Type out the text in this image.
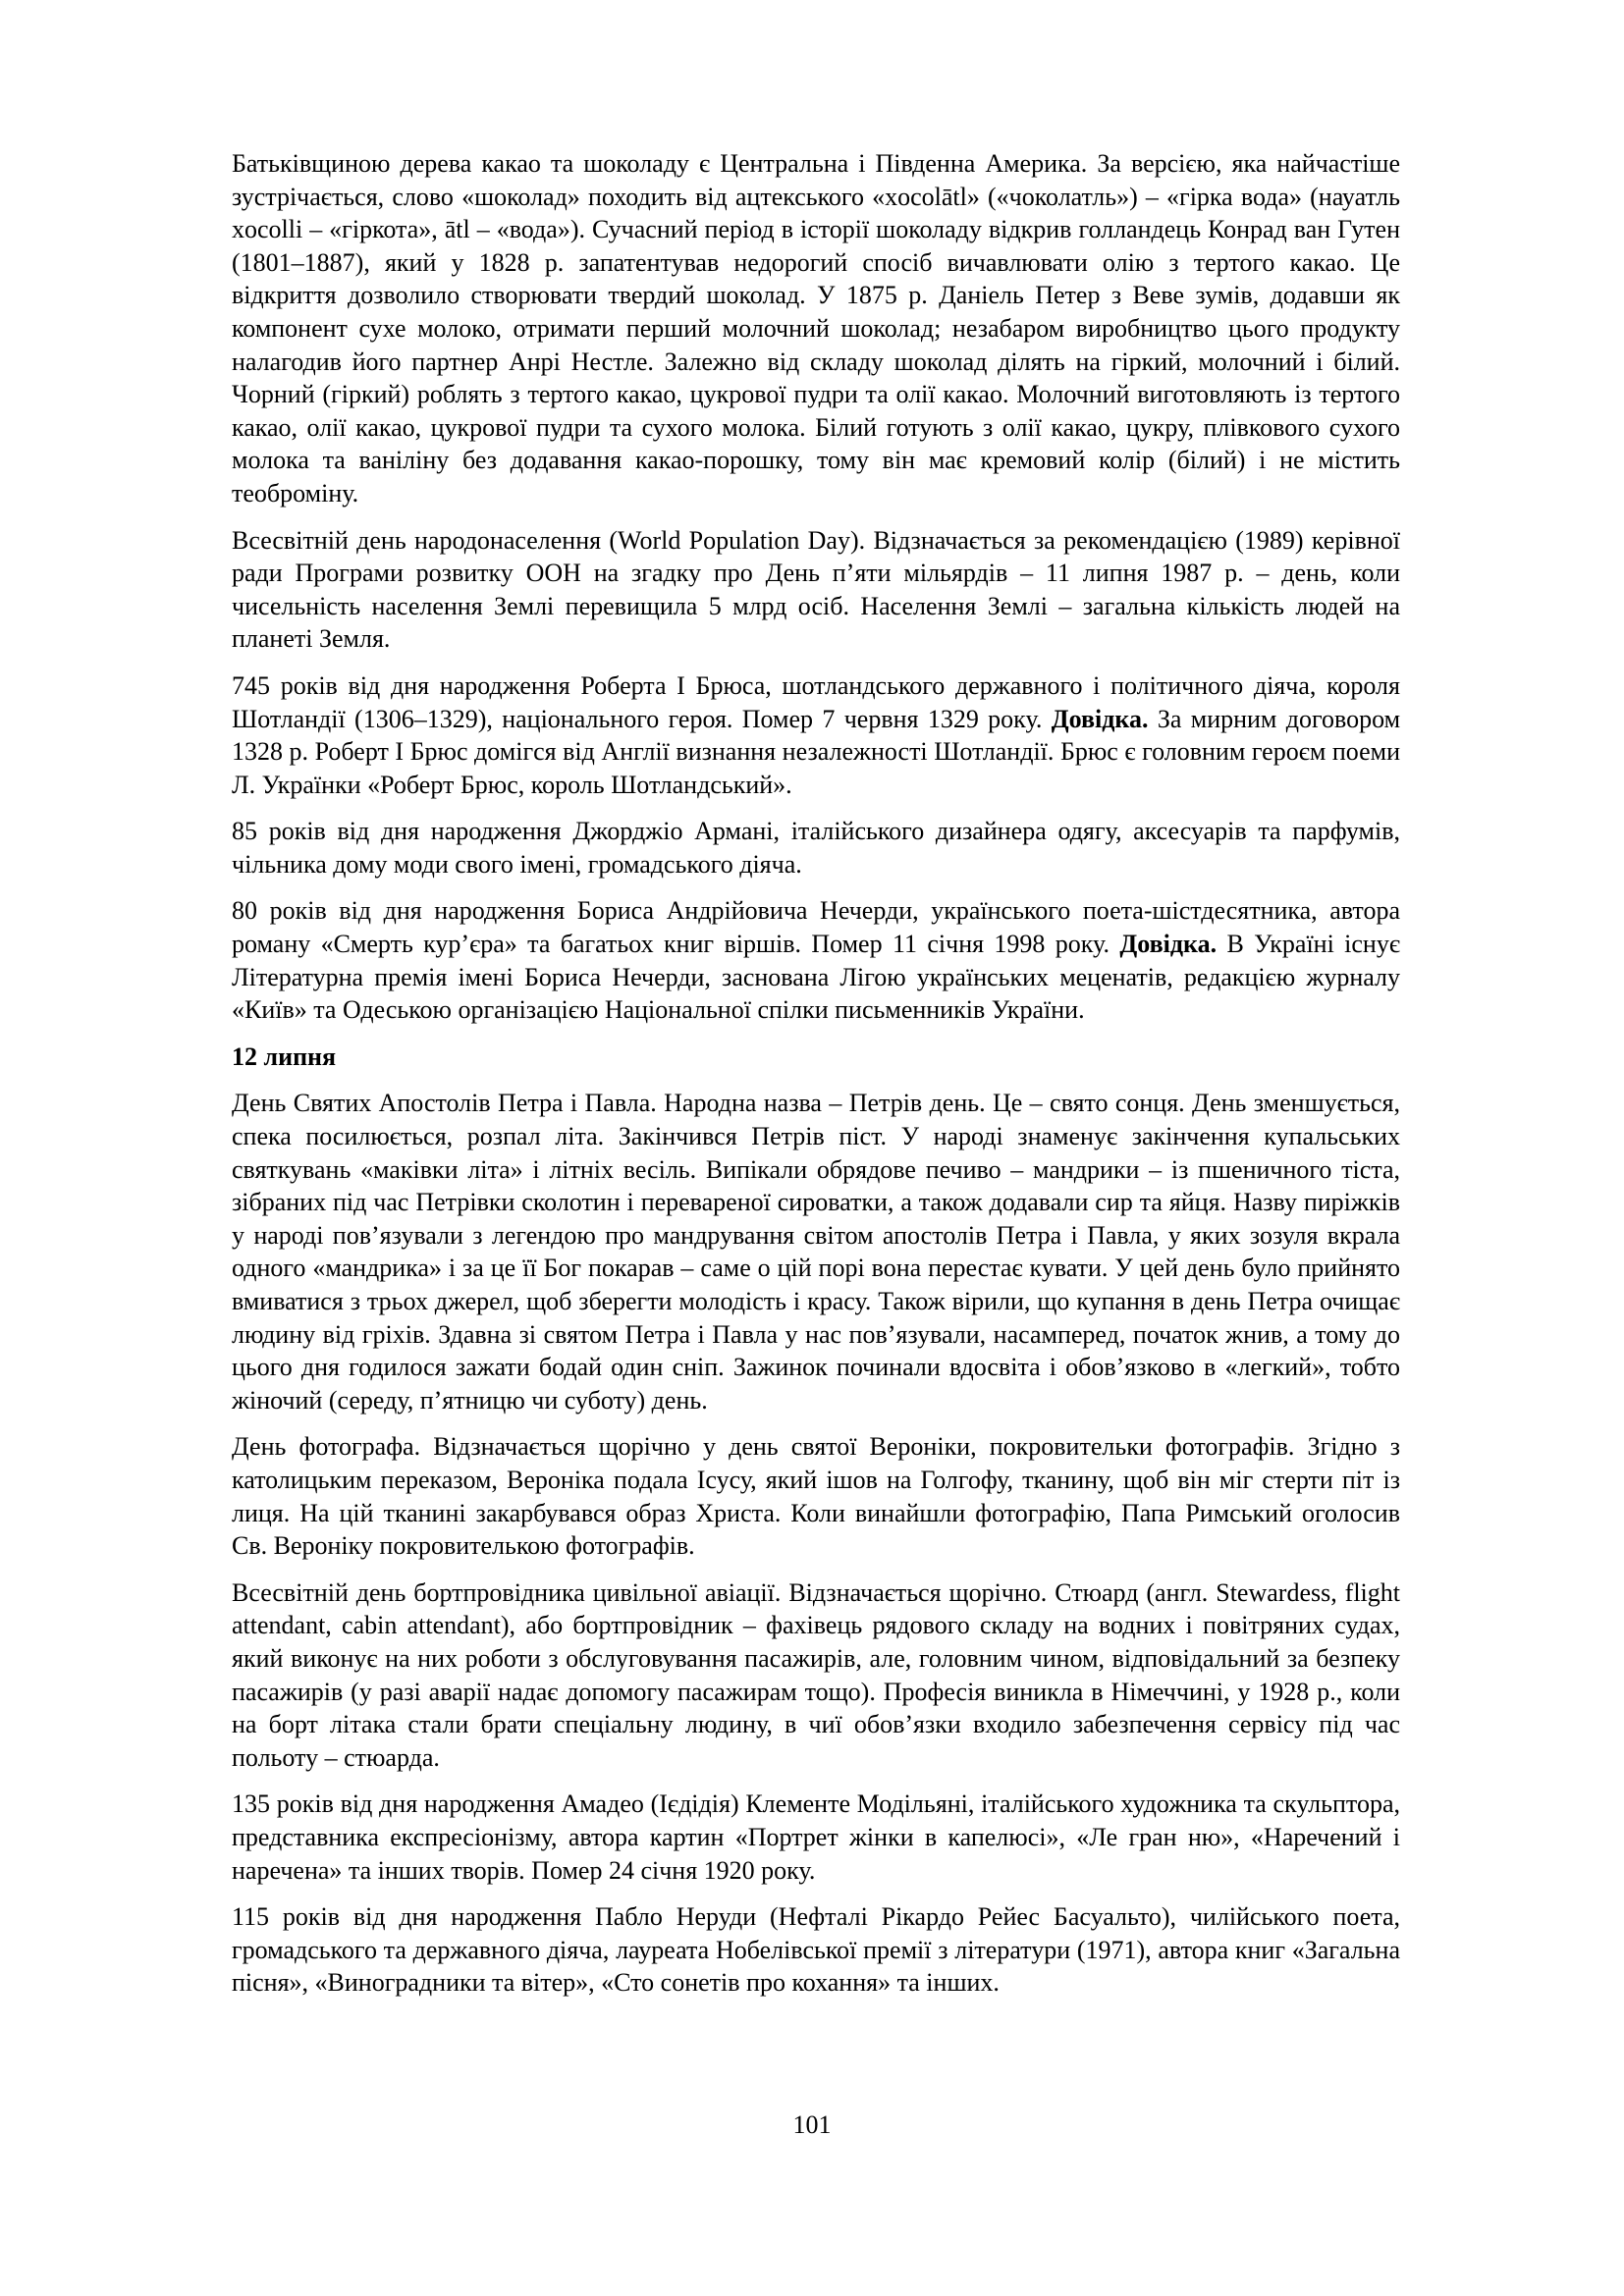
Батьківщиною дерева какао та шоколаду є Центральна і Південна Америка. За версією, яка найчастіше зустрічається, слово «шоколад» походить від ацтекського «xocolātl» («чоколатль») – «гірка вода» (науатль xocolli – «гіркота», ātl – «вода»). Сучасний період в історії шоколаду відкрив голландець Конрад ван Гутен (1801–1887), який у 1828 р. запатентував недорогий спосіб вичавлювати олію з тертого какао. Це відкриття дозволило створювати твердий шоколад. У 1875 р. Даніель Петер з Веве зумів, додавши як компонент сухе молоко, отримати перший молочний шоколад; незабаром виробництво цього продукту налагодив його партнер Анрі Нестле. Залежно від складу шоколад ділять на гіркий, молочний і білий. Чорний (гіркий) роблять з тертого какао, цукрової пудри та олії какао. Молочний виготовляють із тертого какао, олії какао, цукрової пудри та сухого молока. Білий готують з олії какао, цукру, плівкового сухого молока та ваніліну без додавання какао-порошку, тому він має кремовий колір (білий) і не містить теоброміну.

Всесвітній день народонаселення (World Population Day). Відзначається за рекомендацією (1989) керівної ради Програми розвитку ООН на згадку про День п’яти мільярдів – 11 липня 1987 р. – день, коли чисельність населення Землі перевищила 5 млрд осіб. Населення Землі – загальна кількість людей на планеті Земля.

745 років від дня народження Роберта I Брюса, шотландського державного і політичного діяча, короля Шотландії (1306–1329), національного героя. Помер 7 червня 1329 року. Довідка. За мирним договором 1328 р. Роберт I Брюс домігся від Англії визнання незалежності Шотландії. Брюс є головним героєм поеми Л. Українки «Роберт Брюс, король Шотландський».

85 років від дня народження Джорджіо Армані, італійського дизайнера одягу, аксесуарів та парфумів, чільника дому моди свого імені, громадського діяча.

80 років від дня народження Бориса Андрійовича Нечерди, українського поета-шістдесятника, автора роману «Смерть кур’єра» та багатьох книг віршів. Помер 11 січня 1998 року. Довідка. В Україні існує Літературна премія імені Бориса Нечерди, заснована Лігою українських меценатів, редакцією журналу «Київ» та Одеською організацією Національної спілки письменників України.

12 липня

День Святих Апостолів Петра і Павла. Народна назва – Петрів день. Це – свято сонця. День зменшується, спека посилюється, розпал літа. Закінчився Петрів піст. У народі знаменує закінчення купальських святкувань «маківки літа» і літніх весіль. Випікали обрядове печиво – мандрики – із пшеничного тіста, зібраних під час Петрівки сколотин і перевареної сироватки, а також додавали сир та яйця. Назву пиріжків у народі пов’язували з легендою про мандрування світом апостолів Петра і Павла, у яких зозуля вкрала одного «мандрика» і за це її Бог покарав – саме о цій порі вона перестає кувати. У цей день було прийнято вмиватися з трьох джерел, щоб зберегти молодість і красу. Також вірили, що купання в день Петра очищає людину від гріхів. Здавна зі святом Петра і Павла у нас пов’язували, насамперед, початок жнив, а тому до цього дня годилося зажати бодай один сніп. Зажинок починали вдосвіта і обов’язково в «легкий», тобто жіночий (середу, п’ятницю чи суботу) день.

День фотографа. Відзначається щорічно у день святої Вероніки, покровительки фотографів. Згідно з католицьким переказом, Вероніка подала Ісусу, який ішов на Голгофу, тканину, щоб він міг стерти піт із лиця. На цій тканині закарбувався образ Христа. Коли винайшли фотографію, Папа Римський оголосив Св. Вероніку покровителькою фотографів.

Всесвітній день бортпровідника цивільної авіації. Відзначається щорічно. Стюард (англ. Stewardess, flight attendant, cabin attendant), або бортпровідник – фахівець рядового складу на водних і повітряних судах, який виконує на них роботи з обслуговування пасажирів, але, головним чином, відповідальний за безпеку пасажирів (у разі аварії надає допомогу пасажирам тощо). Професія виникла в Німеччині, у 1928 р., коли на борт літака стали брати спеціальну людину, в чиї обов’язки входило забезпечення сервісу під час польоту – стюарда.

135 років від дня народження Амадео (Ієдідія) Клементе Модільяні, італійського художника та скульптора, представника експресіонізму, автора картин «Портрет жінки в капелюсі», «Ле гран ню», «Наречений і наречена» та інших творів. Помер 24 січня 1920 року.

115 років від дня народження Пабло Неруди (Нефталі Рікардо Рейес Басуальто), чилійського поета, громадського та державного діяча, лауреата Нобелівської премії з літератури (1971), автора книг «Загальна пісня», «Виноградники та вітер», «Сто сонетів про кохання» та інших.

101
